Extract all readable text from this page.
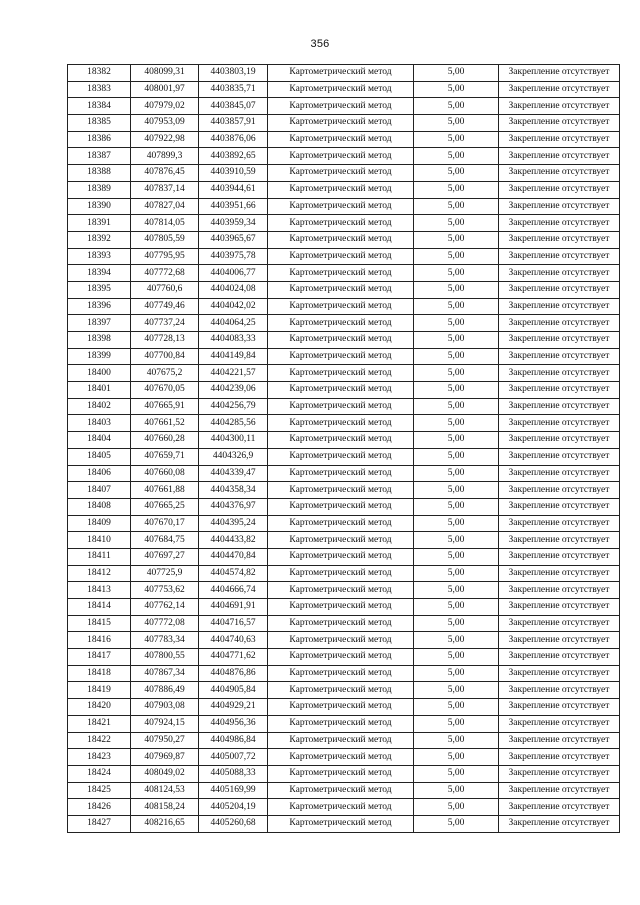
356
18382	408099,31	4403803,19	Картометрический метод	5,00	Закрепление отсутствует
18383	408001,97	4403835,71	Картометрический метод	5,00	Закрепление отсутствует
18384	407979,02	4403845,07	Картометрический метод	5,00	Закрепление отсутствует
18385	407953,09	4403857,91	Картометрический метод	5,00	Закрепление отсутствует
18386	407922,98	4403876,06	Картометрический метод	5,00	Закрепление отсутствует
18387	407899,3	4403892,65	Картометрический метод	5,00	Закрепление отсутствует
18388	407876,45	4403910,59	Картометрический метод	5,00	Закрепление отсутствует
18389	407837,14	4403944,61	Картометрический метод	5,00	Закрепление отсутствует
18390	407827,04	4403951,66	Картометрический метод	5,00	Закрепление отсутствует
18391	407814,05	4403959,34	Картометрический метод	5,00	Закрепление отсутствует
18392	407805,59	4403965,67	Картометрический метод	5,00	Закрепление отсутствует
18393	407795,95	4403975,78	Картометрический метод	5,00	Закрепление отсутствует
18394	407772,68	4404006,77	Картометрический метод	5,00	Закрепление отсутствует
18395	407760,6	4404024,08	Картометрический метод	5,00	Закрепление отсутствует
18396	407749,46	4404042,02	Картометрический метод	5,00	Закрепление отсутствует
18397	407737,24	4404064,25	Картометрический метод	5,00	Закрепление отсутствует
18398	407728,13	4404083,33	Картометрический метод	5,00	Закрепление отсутствует
18399	407700,84	4404149,84	Картометрический метод	5,00	Закрепление отсутствует
18400	407675,2	4404221,57	Картометрический метод	5,00	Закрепление отсутствует
18401	407670,05	4404239,06	Картометрический метод	5,00	Закрепление отсутствует
18402	407665,91	4404256,79	Картометрический метод	5,00	Закрепление отсутствует
18403	407661,52	4404285,56	Картометрический метод	5,00	Закрепление отсутствует
18404	407660,28	4404300,11	Картометрический метод	5,00	Закрепление отсутствует
18405	407659,71	4404326,9	Картометрический метод	5,00	Закрепление отсутствует
18406	407660,08	4404339,47	Картометрический метод	5,00	Закрепление отсутствует
18407	407661,88	4404358,34	Картометрический метод	5,00	Закрепление отсутствует
18408	407665,25	4404376,97	Картометрический метод	5,00	Закрепление отсутствует
18409	407670,17	4404395,24	Картометрический метод	5,00	Закрепление отсутствует
18410	407684,75	4404433,82	Картометрический метод	5,00	Закрепление отсутствует
18411	407697,27	4404470,84	Картометрический метод	5,00	Закрепление отсутствует
18412	407725,9	4404574,82	Картометрический метод	5,00	Закрепление отсутствует
18413	407753,62	4404666,74	Картометрический метод	5,00	Закрепление отсутствует
18414	407762,14	4404691,91	Картометрический метод	5,00	Закрепление отсутствует
18415	407772,08	4404716,57	Картометрический метод	5,00	Закрепление отсутствует
18416	407783,34	4404740,63	Картометрический метод	5,00	Закрепление отсутствует
18417	407800,55	4404771,62	Картометрический метод	5,00	Закрепление отсутствует
18418	407867,34	4404876,86	Картометрический метод	5,00	Закрепление отсутствует
18419	407886,49	4404905,84	Картометрический метод	5,00	Закрепление отсутствует
18420	407903,08	4404929,21	Картометрический метод	5,00	Закрепление отсутствует
18421	407924,15	4404956,36	Картометрический метод	5,00	Закрепление отсутствует
18422	407950,27	4404986,84	Картометрический метод	5,00	Закрепление отсутствует
18423	407969,87	4405007,72	Картометрический метод	5,00	Закрепление отсутствует
18424	408049,02	4405088,33	Картометрический метод	5,00	Закрепление отсутствует
18425	408124,53	4405169,99	Картометрический метод	5,00	Закрепление отсутствует
18426	408158,24	4405204,19	Картометрический метод	5,00	Закрепление отсутствует
18427	408216,65	4405260,68	Картометрический метод	5,00	Закрепление отсутствует
